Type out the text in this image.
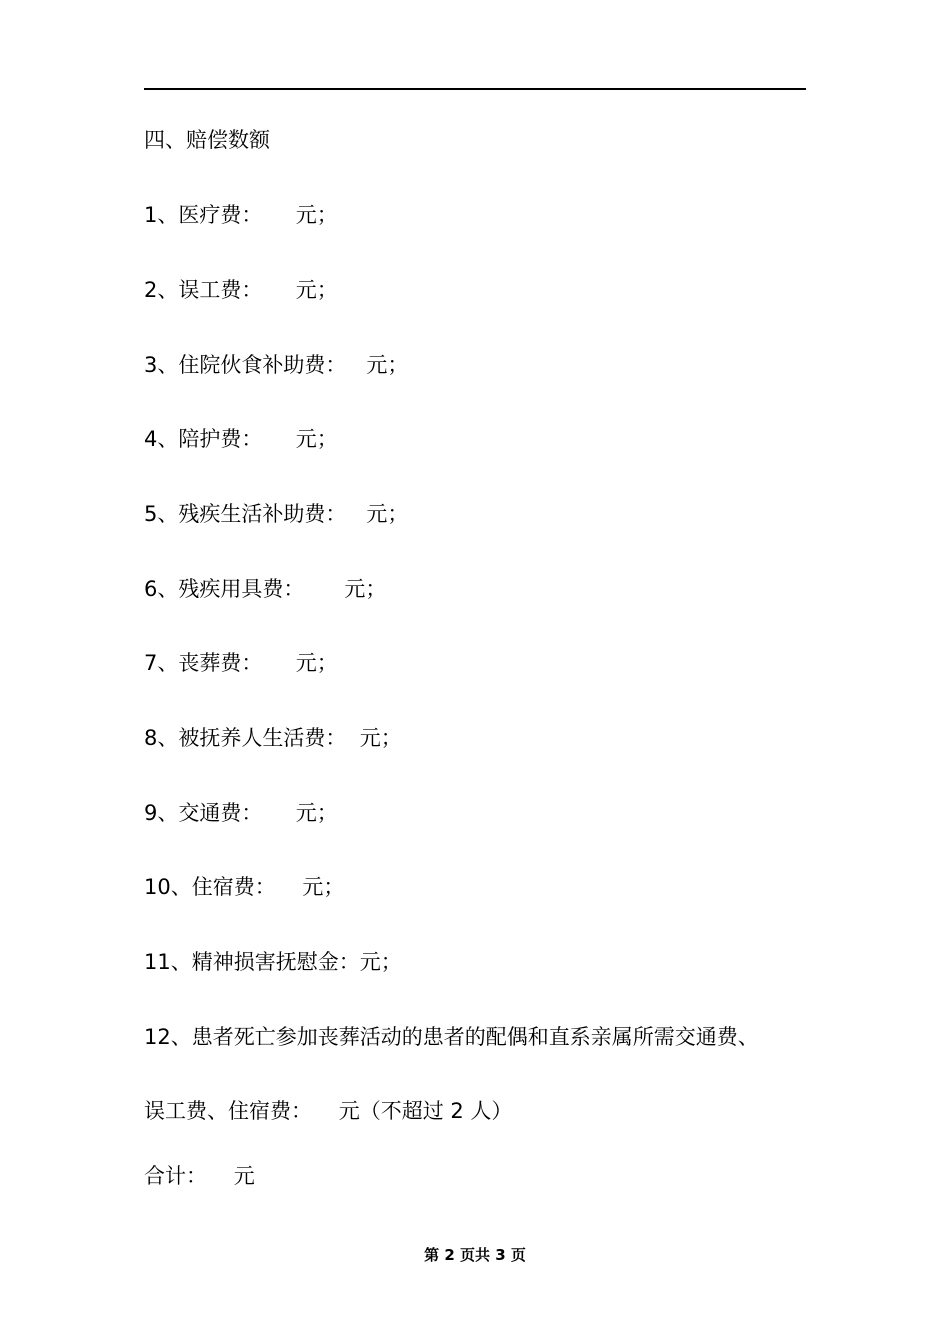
四、赔偿数额
1、医疗费：     元；
2、误工费：     元；
3、住院伙食补助费：   元；
4、陪护费：     元；
5、残疾生活补助费：   元；
6、残疾用具费：      元；
7、丧葬费：     元；
8、被抚养人生活费：  元；
9、交通费：     元；
10、住宿费：    元；
11、精神损害抚慰金：元；
12、患者死亡参加丧葬活动的患者的配偶和直系亲属所需交通费、
误工费、住宿费：    元（不超过 2 人）
合计：    元
第 2 页共 3 页
